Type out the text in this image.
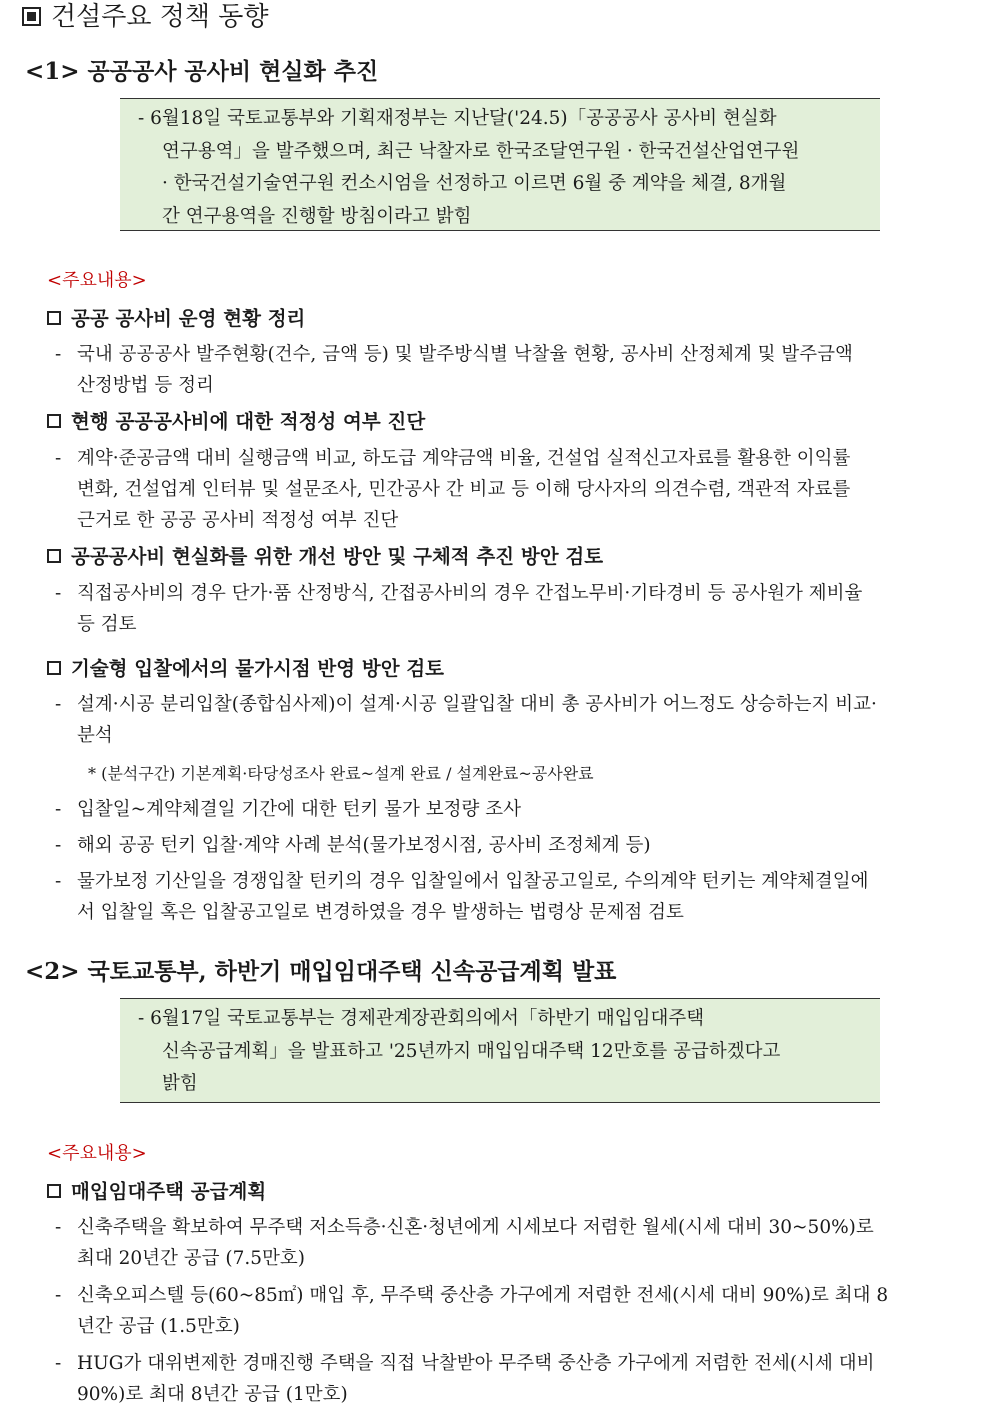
건설주요 정책 동향
<1> 공공공사 공사비 현실화 추진
- 6월18일 국토교통부와 기획재정부는 지난달('24.5)「공공공사 공사비 현실화
연구용역」을 발주했으며, 최근 낙찰자로 한국조달연구원 · 한국건설산업연구원
· 한국건설기술연구원 컨소시엄을 선정하고 이르면 6월 중 계약을 체결, 8개월
간 연구용역을 진행할 방침이라고 밝힘
<주요내용>
공공 공사비 운영 현황 정리
- 국내 공공공사 발주현황(건수, 금액 등) 및 발주방식별 낙찰율 현황, 공사비 산정체계 및 발주금액
산정방법 등 정리
현행 공공공사비에 대한 적정성 여부 진단
- 계약·준공금액 대비 실행금액 비교, 하도급 계약금액 비율, 건설업 실적신고자료를 활용한 이익률
변화, 건설업계 인터뷰 및 설문조사, 민간공사 간 비교 등 이해 당사자의 의견수렴, 객관적 자료를
근거로 한 공공 공사비 적정성 여부 진단
공공공사비 현실화를 위한 개선 방안 및 구체적 추진 방안 검토
- 직접공사비의 경우 단가·품 산정방식, 간접공사비의 경우 간접노무비·기타경비 등 공사원가 제비율
등 검토
기술형 입찰에서의 물가시점 반영 방안 검토
- 설계·시공 분리입찰(종합심사제)이 설계·시공 일괄입찰 대비 총 공사비가 어느정도 상승하는지 비교·
분석
* (분석구간) 기본계획·타당성조사 완료~설계 완료 / 설계완료~공사완료
- 입찰일~계약체결일 기간에 대한 턴키 물가 보정량 조사
- 해외 공공 턴키 입찰·계약 사례 분석(물가보정시점, 공사비 조정체계 등)
- 물가보정 기산일을 경쟁입찰 턴키의 경우 입찰일에서 입찰공고일로, 수의계약 턴키는 계약체결일에
서 입찰일 혹은 입찰공고일로 변경하였을 경우 발생하는 법령상 문제점 검토
<2> 국토교통부, 하반기 매입임대주택 신속공급계획 발표
- 6월17일 국토교통부는 경제관계장관회의에서「하반기 매입임대주택
신속공급계획」을 발표하고 '25년까지 매입임대주택 12만호를 공급하겠다고
밝힘
<주요내용>
매입임대주택 공급계획
- 신축주택을 확보하여 무주택 저소득층·신혼·청년에게 시세보다 저렴한 월세(시세 대비 30~50%)로
최대 20년간 공급 (7.5만호)
- 신축오피스텔 등(60~85㎡) 매입 후, 무주택 중산층 가구에게 저렴한 전세(시세 대비 90%)로 최대 8
년간 공급 (1.5만호)
- HUG가 대위변제한 경매진행 주택을 직접 낙찰받아 무주택 중산층 가구에게 저렴한 전세(시세 대비
90%)로 최대 8년간 공급 (1만호)
